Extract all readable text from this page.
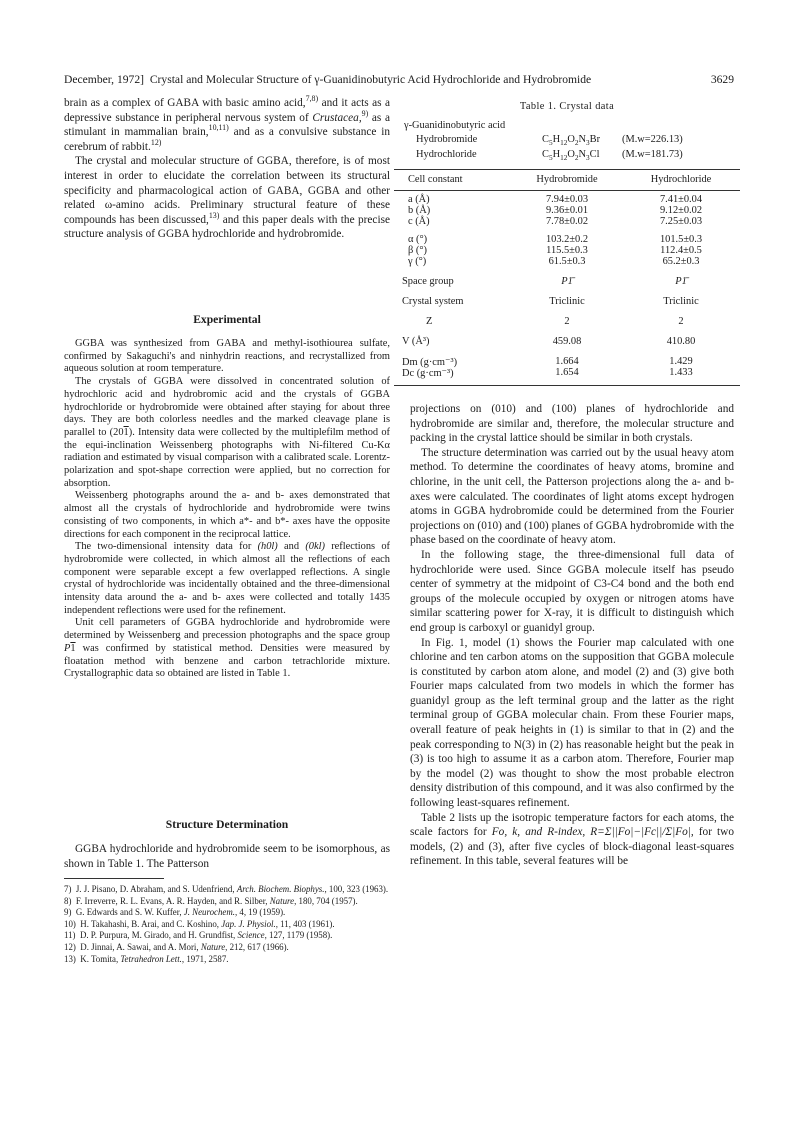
December, 1972] Crystal and Molecular Structure of γ-Guanidinobutyric Acid Hydrochloride and Hydrobromide	3629

brain as a complex of GABA with basic amino acid,$^{7,8)}$ and it acts as a depressive substance in peripheral nervous system of Crustacea,$^{9)}$ as a stimulant in mammalian brain,$^{10,11)}$ and as a convulsive substance in cerebrum of rabbit.$^{12)}$

The crystal and molecular structure of GGBA, therefore, is of most interest in order to elucidate the correlation between its structural specificity and pharmacological action of GABA, GGBA and other related ω-amino acids. Preliminary structural feature of these compounds has been discussed,$^{13)}$ and this paper deals with the precise structure analysis of GGBA hydrochloride and hydrobromide.

Experimental

GGBA was synthesized from GABA and methyl-isothiourea sulfate, confirmed by Sakaguchi's and ninhydrin reactions, and recrystallized from aqueous solution at room temperature.

The crystals of GGBA were dissolved in concentrated solution of hydrochloric acid and hydrobromic acid and the crystals of GGBA hydrochloride or hydrobromide were obtained after staying for about three days. They are both colorless needles and the marked cleavage plane is parallel to (201). Intensity data were collected by the multiplefilm method of the equi-inclination Weissenberg photographs with Ni-filtered Cu-Kα radiation and estimated by visual comparison with a calibrated scale. Lorentz-polarization and spot-shape correction were applied, but no correction for absorption.

Weissenberg photographs around the a- and b- axes demonstrated that almost all the crystals of hydrochloride and hydrobromide were twins consisting of two components, in which a*- and b*- axes have the opposite directions for each component in the reciprocal lattice.

The two-dimensional intensity data for (h0l) and (0kl) reflections of hydrobromide were collected, in which almost all the reflections of each component were separable except a few overlapped reflections. A single crystal of hydrochloride was incidentally obtained and the three-dimensional intensity data around the a- and b- axes were collected and totally 1435 independent reflections were used for the refinement.

Unit cell parameters of GGBA hydrochloride and hydrobromide were determined by Weissenberg and precession photographs and the space group P1 was confirmed by statistical method. Densities were measured by floatation method with benzene and carbon tetrachloride mixture. Crystallographic data so obtained are listed in Table 1.

Structure Determination
GGBA hydrochloride and hydrobromide seem to be isomorphous, as shown in Table 1. The Patterson
7) J. J. Pisano, D. Abraham, and S. Udenfriend, Arch. Biochem. Biophys., 100, 323 (1963).
8) F. Irreverre, R. L. Evans, A. R. Hayden, and R. Silber, Nature, 180, 704 (1957).
9) G. Edwards and S. W. Kuffer, J. Neurochem., 4, 19 (1959).
10) H. Takahashi, B. Arai, and C. Koshino, Jap. J. Physiol., 11, 403 (1961).
11) D. P. Purpura, M. Girado, and H. Grundfist, Science, 127, 1179 (1958).
12) D. Jinnai, A. Sawai, and A. Mori, Nature, 212, 617 (1966).
13) K. Tomita, Tetrahedron Lett., 1971, 2587.
Table 1. Crystal data
γ-Guanidinobutyric acid
Hydrobromide	$C_5H_{12}O_2N_3Br$ (M.w=226.13)
Hydrochloride	$C_5H_{12}O_2N_3Cl$ (M.w=181.73)
Cell constant	Hydrobromide	Hydrochloride
a (Å)	7.94±0.03	7.41±0.04
b (Å)	9.36±0.01	9.12±0.02
c (Å)	7.78±0.02	7.25±0.03
α (°)	103.2±0.2	101.5±0.3
β (°)	115.5±0.3	112.4±0.5
γ (°)	61.5±0.3	65.2±0.3
Space group	P1̄	P1̄
Crystal system	Triclinic	Triclinic
Z	2	2
V (Å³)	459.08	410.80
Dm (g·cm⁻³)	1.664	1.429
Dc (g·cm⁻³)	1.654	1.433

projections on (010) and (100) planes of hydrochloride and hydrobromide are similar and, therefore, the molecular structure and packing in the crystal lattice should be similar in both crystals.

The structure determination was carried out by the usual heavy atom method. To determine the coordinates of heavy atoms, bromine and chlorine, in the unit cell, the Patterson projections along the a- and b- axes were calculated. The coordinates of light atoms except hydrogen atoms in GGBA hydrobromide could be determined from the Fourier projections on (010) and (100) planes of GGBA hydrobromide with the phase based on the coordinate of heavy atom.

In the following stage, the three-dimensional full data of hydrochloride were used. Since GGBA molecule itself has pseudo center of symmetry at the midpoint of C3-C4 bond and the both end groups of the molecule occupied by oxygen or nitrogen atoms have similar scattering power for X-ray, it is difficult to distinguish which end group is carboxyl or guanidyl group.

In Fig. 1, model (1) shows the Fourier map calculated with one chlorine and ten carbon atoms on the supposition that GGBA molecule is constituted by carbon atom alone, and model (2) and (3) give both Fourier maps calculated from two models in which the former has guanidyl group as the left terminal group and the latter as the right terminal group of GGBA molecular chain. From these Fourier maps, overall feature of peak heights in (1) is similar to that in (2) and the peak corresponding to N(3) in (2) has reasonable height but the peak in (3) is too high to assume it as a carbon atom. Therefore, Fourier map by the model (2) was thought to show the most probable electron density distribution of this compound, and it was also confirmed by the following least-squares refinement.

Table 2 lists up the isotropic temperature factors for each atoms, the scale factors for Fo, k, and R-index, R=Σ||Fo|−|Fc||/Σ|Fo|, for two models, (2) and (3), after five cycles of block-diagonal least-squares refinement. In this table, several features will be
